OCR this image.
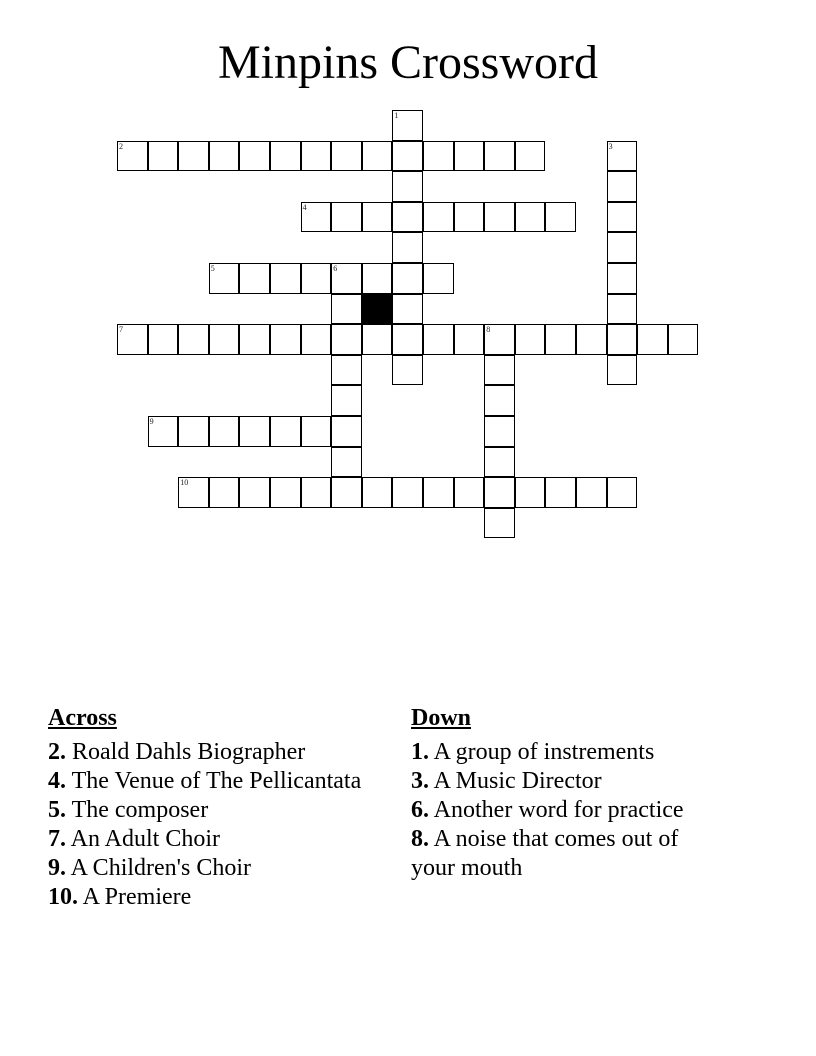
Minpins Crossword
1
2	3
4
5	6
7	8
9
10
Across
2. Roald Dahls Biographer
4. The Venue of The Pellicantata
5. The composer
7. An Adult Choir
9. A Children's Choir
10. A Premiere
Down
1. A group of instrements
3. A Music Director
6. Another word for practice
8. A noise that comes out of your mouth
